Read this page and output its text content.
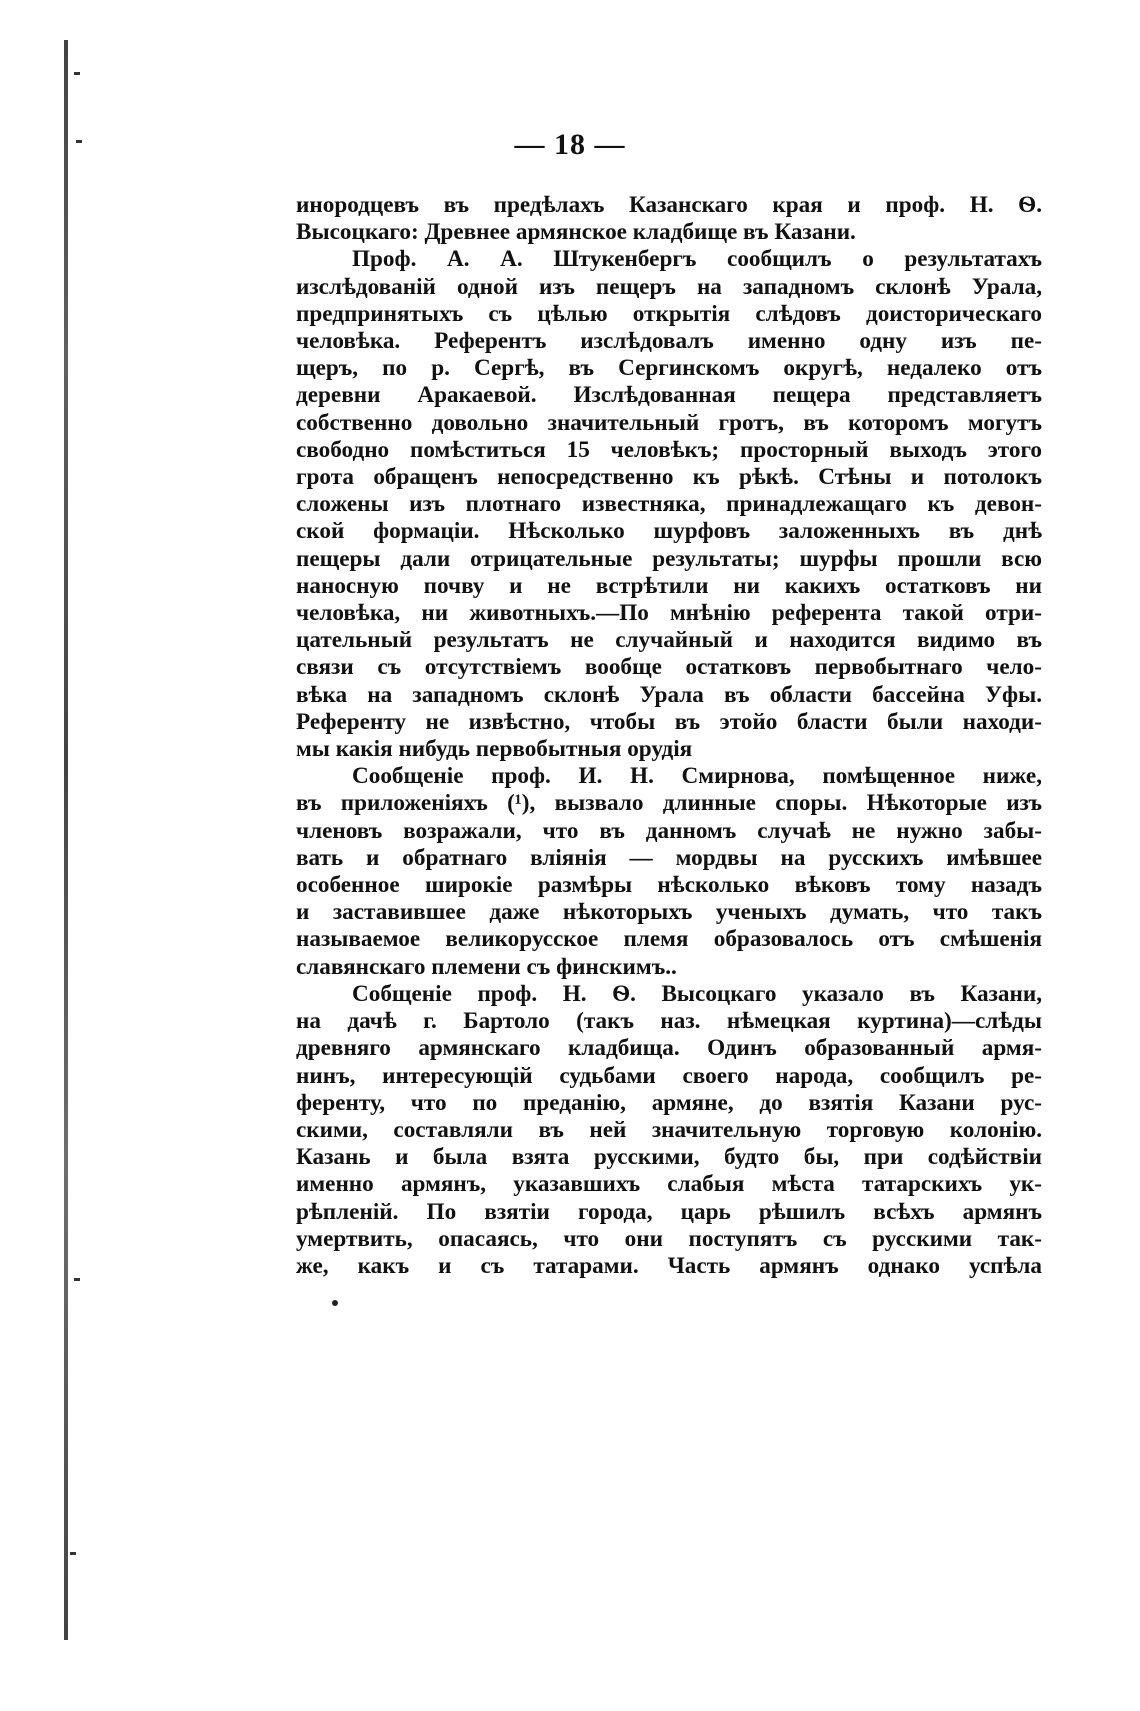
— 18 —
инородцевъ въ предѣлахъ Казанскаго края и проф. Н. Ѳ.
Высоцкаго: Древнее армянское кладбище въ Казани.
Проф. А. А. Штукенбергъ сообщилъ о результатахъ
изслѣдованій одной изъ пещеръ на западномъ склонѣ Урала,
предпринятыхъ съ цѣлью открытія слѣдовъ доисторическаго
человѣка. Референтъ изслѣдовалъ именно одну изъ пе-
щеръ, по р. Сергѣ, въ Сергинскомъ округѣ, недалеко отъ
деревни Аракаевой. Изслѣдованная пещера представляетъ
собственно довольно значительный гротъ, въ которомъ могутъ
свободно помѣститься 15 человѣкъ; просторный выходъ этого
грота обращенъ непосредственно къ рѣкѣ. Стѣны и потолокъ
сложены изъ плотнаго известняка, принадлежащаго къ девон-
ской формаціи. Нѣсколько шурфовъ заложенныхъ въ днѣ
пещеры дали отрицательные результаты; шурфы прошли всю
наносную почву и не встрѣтили ни какихъ остатковъ ни
человѣка, ни животныхъ.—По мнѣнію референта такой отри-
цательный результатъ не случайный и находится видимо въ
связи съ отсутствіемъ вообще остатковъ первобытнаго чело-
вѣка на западномъ склонѣ Урала въ области бассейна Уфы.
Референту не извѣстно, чтобы въ этойо бласти были находи-
мы какія нибудь первобытныя орудія
Сообщеніе проф. И. Н. Смирнова, помѣщенное ниже,
въ приложеніяхъ (¹), вызвало длинные споры. Нѣкоторые изъ
членовъ возражали, что въ данномъ случаѣ не нужно забы-
вать и обратнаго вліянія — мордвы на русскихъ имѣвшее
особенное широкіе размѣры нѣсколько вѣковъ тому назадъ
и заставившее даже нѣкоторыхъ ученыхъ думать, что такъ
называемое великорусское племя образовалось отъ смѣшенія
славянскаго племени съ финскимъ..
Собщеніе проф. Н. Ѳ. Высоцкаго указало въ Казани,
на дачѣ г. Бартоло (такъ наз. нѣмецкая куртина)—слѣды
древняго армянскаго кладбища. Одинъ образованный армя-
нинъ, интересующій судьбами своего народа, сообщилъ ре-
ференту, что по преданію, армяне, до взятія Казани рус-
скими, составляли въ ней значительную торговую колонію.
Казань и была взята русскими, будто бы, при содѣйствіи
именно армянъ, указавшихъ слабыя мѣста татарскихъ ук-
рѣпленій. По взятіи города, царь рѣшилъ всѣхъ армянъ
умертвить, опасаясь, что они поступятъ съ русскими так-
же, какъ и съ татарами. Часть армянъ однако успѣла
